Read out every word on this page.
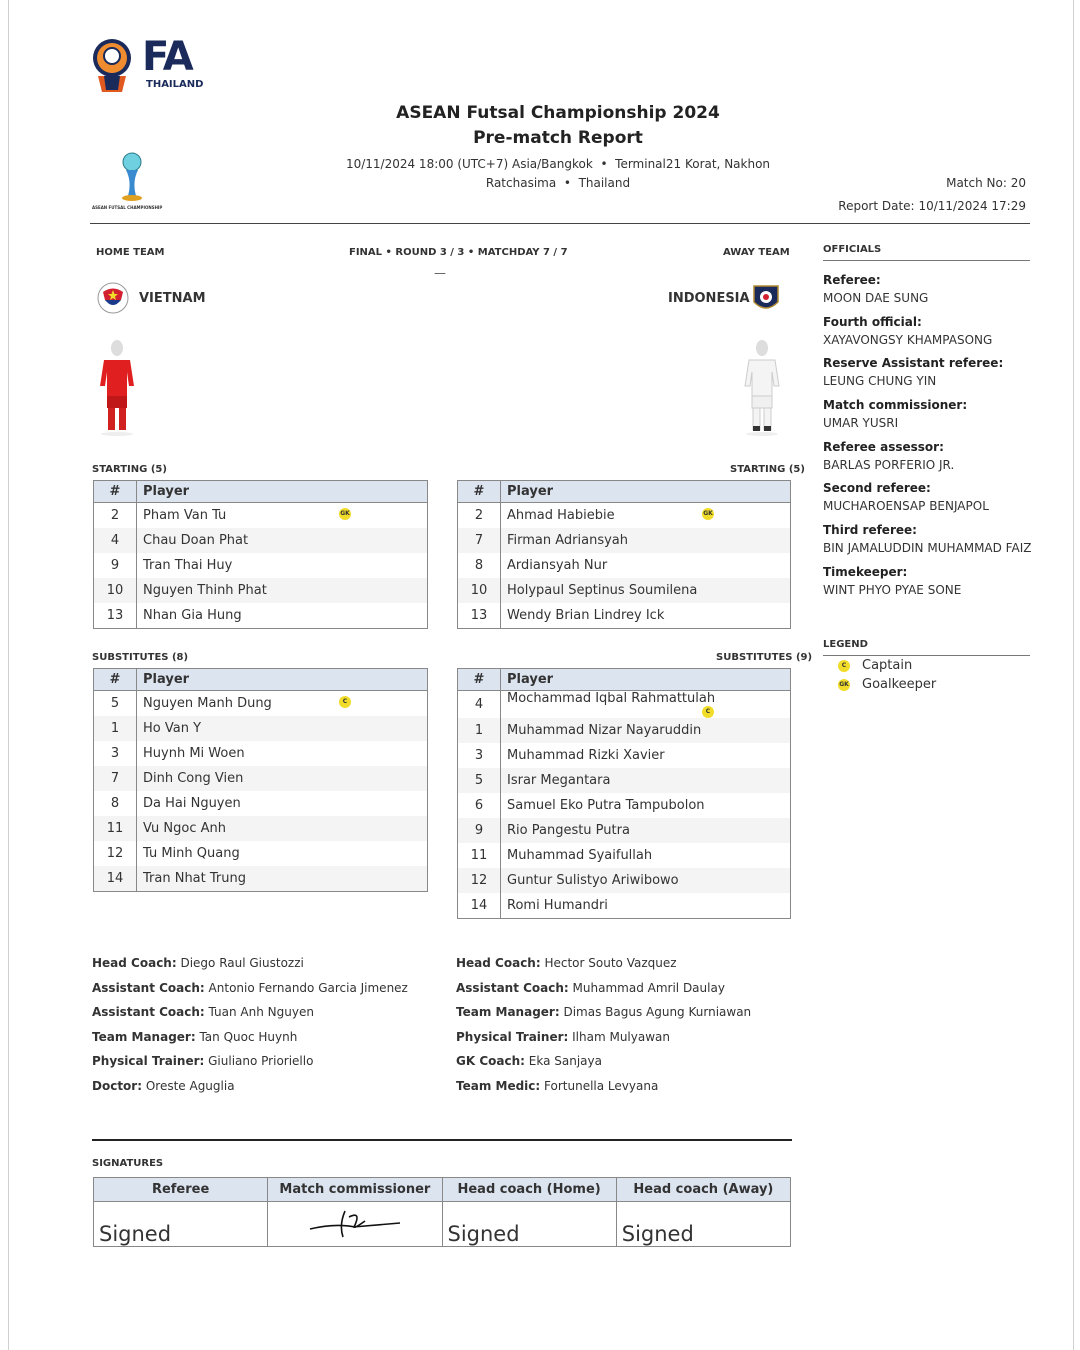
FA
THAILAND
ASEAN FUTSAL CHAMPIONSHIP
ASEAN Futsal Championship 2024
Pre-match Report
10/11/2024 18:00 (UTC+7) Asia/Bangkok • Terminal21 Korat, Nakhon
Ratchasima • Thailand	Match No: 20
Report Date: 10/11/2024 17:29
HOME TEAM	FINAL • ROUND 3 / 3 • MATCHDAY 7 / 7
—
AWAY TEAM
VIETNAM	INDONESIA
STARTING (5)	STARTING (5)
SUBSTITUTES (8)	SUBSTITUTES (9)
#	Player
2	Pham Van Tu GK

4	Chau Doan Phat
9	Tran Thai Huy
10	Nguyen Thinh Phat
13	Nhan Gia Hung
#	Player
2	Ahmad Habiebie GK

7	Firman Adriansyah
8	Ardiansyah Nur
10	Holypaul Septinus Soumilena
13	Wendy Brian Lindrey Ick
#	Player
5	Nguyen Manh Dung C

1	Ho Van Y
3	Huynh Mi Woen
7	Dinh Cong Vien
8	Da Hai Nguyen
11	Vu Ngoc Anh
12	Tu Minh Quang
14	Tran Nhat Trung
#	Player
4	Mochammad Iqbal Rahmattulah
C

1	Muhammad Nizar Nayaruddin
3	Muhammad Rizki Xavier
5	Israr Megantara
6	Samuel Eko Putra Tampubolon
9	Rio Pangestu Putra
11	Muhammad Syaifullah
12	Guntur Sulistyo Ariwibowo
14	Romi Humandri
Head Coach: Diego Raul Giustozzi
Assistant Coach: Antonio Fernando Garcia Jimenez
Assistant Coach: Tuan Anh Nguyen
Team Manager: Tan Quoc Huynh
Physical Trainer: Giuliano Prioriello
Doctor: Oreste Aguglia
Head Coach: Hector Souto Vazquez
Assistant Coach: Muhammad Amril Daulay
Team Manager: Dimas Bagus Agung Kurniawan
Physical Trainer: Ilham Mulyawan
GK Coach: Eka Sanjaya
Team Medic: Fortunella Levyana
OFFICIALS
Referee:
MOON DAE SUNG
Fourth official:
XAYAVONGSY KHAMPASONG
Reserve Assistant referee:
LEUNG CHUNG YIN
Match commissioner:
UMAR YUSRI
Referee assessor:
BARLAS PORFERIO JR.
Second referee:
MUCHAROENSAP BENJAPOL
Third referee:
BIN JAMALUDDIN MUHAMMAD FAIZ
Timekeeper:
WINT PHYO PYAE SONE
LEGEND
C Captain
GK Goalkeeper
SIGNATURES
Referee	Match commissioner	Head coach (Home)	Head coach (Away)
Signed		Signed	Signed
